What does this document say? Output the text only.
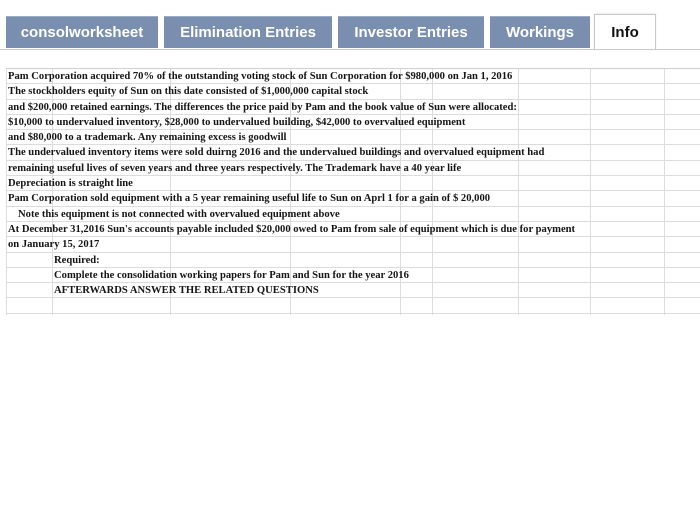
consolworksheet	Elimination Entries	Investor Entries	Workings	Info
Pam Corporation acquired 70% of the outstanding voting stock of Sun Corporation for $980,000 on Jan 1, 2016
The stockholders equity of Sun on this date consisted of $1,000,000 capital stock
and $200,000 retained earnings. The differences the price paid by Pam and the book value of Sun were allocated:
$10,000 to undervalued inventory, $28,000 to undervalued building, $42,000 to overvalued equipment
and $80,000 to a trademark. Any remaining excess is goodwill
The undervalued inventory items were sold duirng 2016 and the undervalued buildings and overvalued equipment had
remaining useful lives of seven years and three years respectively. The Trademark have a 40 year life
Depreciation is straight line
Pam Corporation sold equipment with a 5 year remaining useful life to Sun on Aprl 1 for a gain of $ 20,000
Note this equipment is not connected with overvalued equipment above
At December 31,2016 Sun's accounts payable included $20,000 owed to Pam from sale of equipment which is due for payment
on January 15, 2017
Required:
Complete the consolidation working papers for Pam and Sun for the year 2016
AFTERWARDS ANSWER THE RELATED QUESTIONS
